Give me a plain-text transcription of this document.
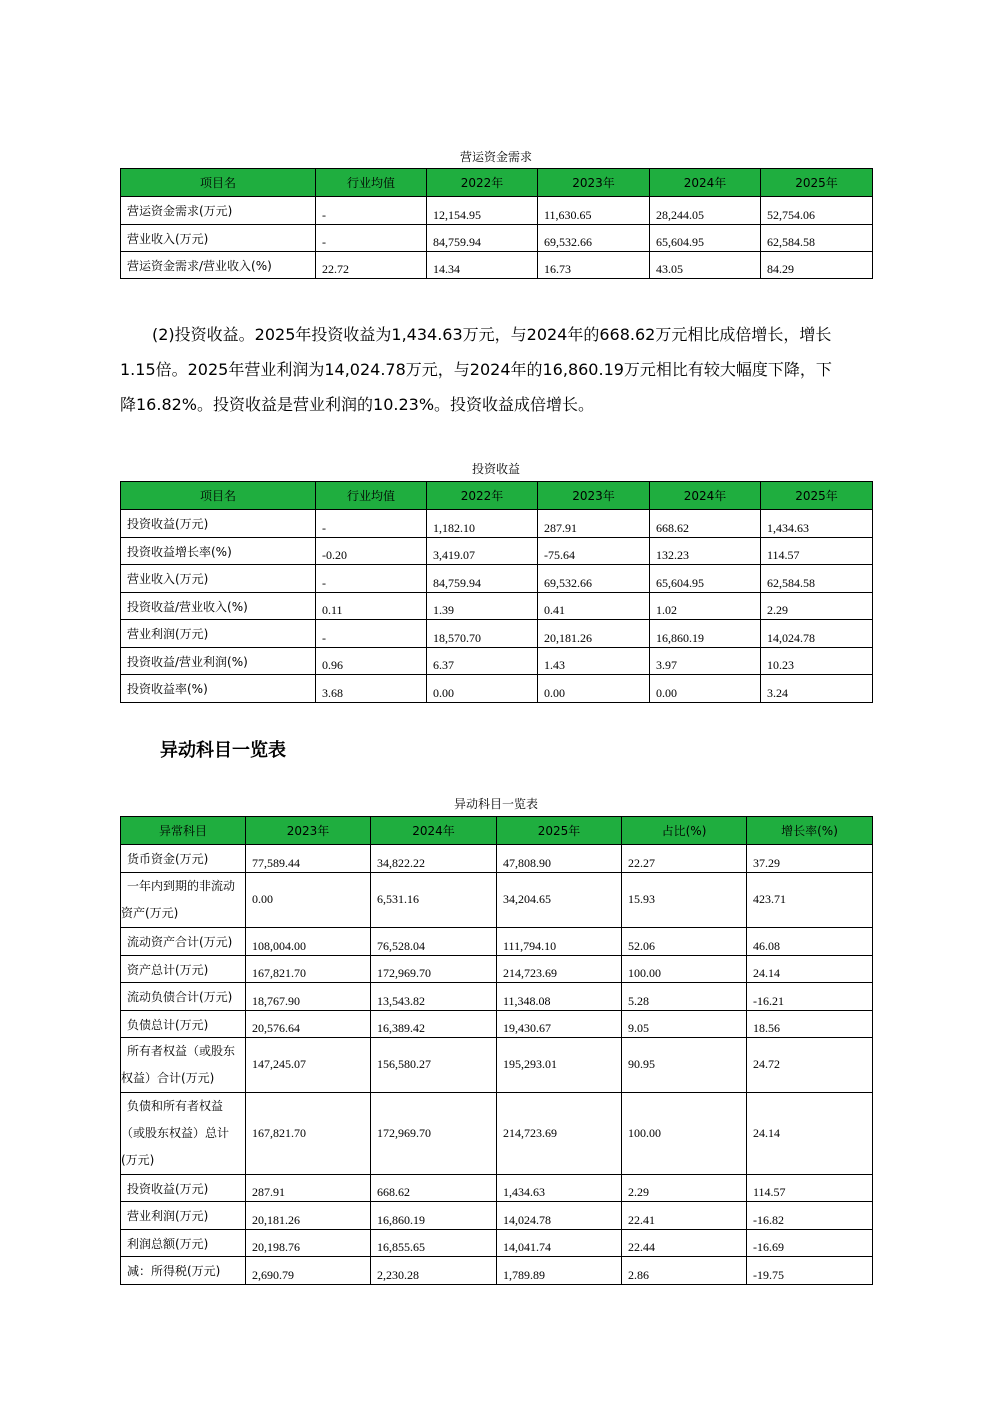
营运资金需求
项目名	行业均值	2022年	2023年	2024年	2025年
营运资金需求(万元)	-	12,154.95	11,630.65	28,244.05	52,754.06
营业收入(万元)	-	84,759.94	69,532.66	65,604.95	62,584.58
营运资金需求/营业收入(%)	22.72	14.34	16.73	43.05	84.29
(2)投资收益。2025年投资收益为1,434.63万元，与2024年的668.62万元相比成倍增长，增长
1.15倍。2025年营业利润为14,024.78万元，与2024年的16,860.19万元相比有较大幅度下降，下
降16.82%。投资收益是营业利润的10.23%。投资收益成倍增长。
投资收益
项目名	行业均值	2022年	2023年	2024年	2025年
投资收益(万元)	-	1,182.10	287.91	668.62	1,434.63
投资收益增长率(%)	-0.20	3,419.07	-75.64	132.23	114.57
营业收入(万元)	-	84,759.94	69,532.66	65,604.95	62,584.58
投资收益/营业收入(%)	0.11	1.39	0.41	1.02	2.29
营业利润(万元)	-	18,570.70	20,181.26	16,860.19	14,024.78
投资收益/营业利润(%)	0.96	6.37	1.43	3.97	10.23
投资收益率(%)	3.68	0.00	0.00	0.00	3.24
异动科目一览表
异动科目一览表
异常科目	2023年	2024年	2025年	占比(%)	增长率(%)
货币资金(万元)	77,589.44	34,822.22	47,808.90	22.27	37.29

一年内到期的非流动资产(万元)	0.00	6,531.16	34,204.65	15.93	423.71
流动资产合计(万元)	108,004.00	76,528.04	111,794.10	52.06	46.08
资产总计(万元)	167,821.70	172,969.70	214,723.69	100.00	24.14
流动负债合计(万元)	18,767.90	13,543.82	11,348.08	5.28	-16.21
负债总计(万元)	20,576.64	16,389.42	19,430.67	9.05	18.56

所有者权益（或股东权益）合计(万元)	147,245.07	156,580.27	195,293.01	90.95	24.72

负债和所有者权益（或股东权益）总计(万元)	167,821.70	172,969.70	214,723.69	100.00	24.14
投资收益(万元)	287.91	668.62	1,434.63	2.29	114.57
营业利润(万元)	20,181.26	16,860.19	14,024.78	22.41	-16.82
利润总额(万元)	20,198.76	16,855.65	14,041.74	22.44	-16.69
减：所得税(万元)	2,690.79	2,230.28	1,789.89	2.86	-19.75
